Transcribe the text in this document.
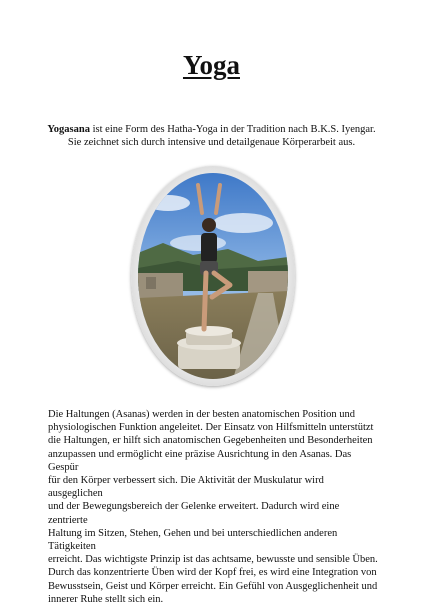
Yoga
Yogasana ist eine Form des Hatha-Yoga in der Tradition nach B.K.S. Iyengar.
Sie zeichnet sich durch intensive und detailgenaue Körperarbeit aus.
Die Haltungen (Asanas) werden in der besten anatomischen Position und
physiologischen Funktion angeleitet. Der Einsatz von Hilfsmitteln unterstützt
die Haltungen, er hilft sich anatomischen Gegebenheiten und Besonderheiten
anzupassen und ermöglicht eine präzise Ausrichtung in den Asanas. Das Gespür
für den Körper verbessert sich. Die Aktivität der Muskulatur wird ausgeglichen
und der Bewegungsbereich der Gelenke erweitert. Dadurch wird eine zentrierte
Haltung im Sitzen, Stehen, Gehen und bei unterschiedlichen anderen Tätigkeiten
erreicht. Das wichtigste Prinzip ist das achtsame, bewusste und sensible Üben.
Durch das konzentrierte Üben wird der Kopf frei, es wird eine Integration von
Bewusstsein, Geist und Körper erreicht. Ein Gefühl von Ausgeglichenheit und
innerer Ruhe stellt sich ein.
